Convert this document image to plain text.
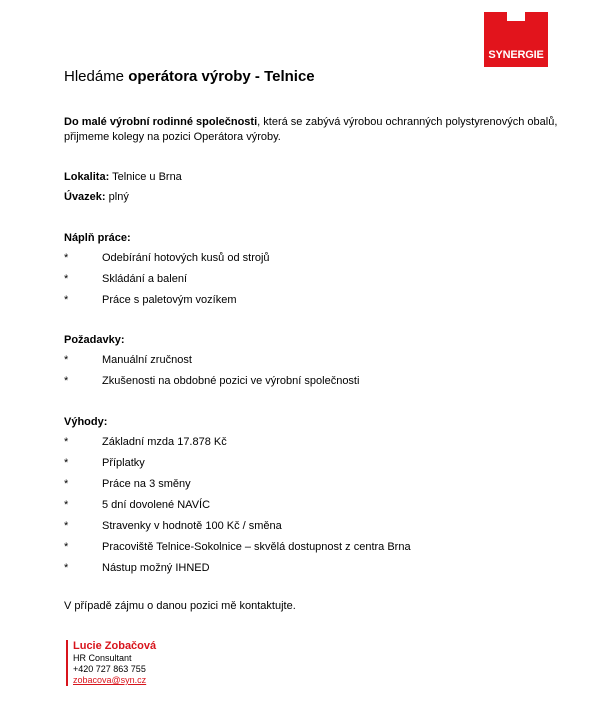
SYNERGIE
Hledáme operátora výroby - Telnice
Do malé výrobní rodinné společnosti, která se zabývá výrobou ochranných polystyrenových obalů,
přijmeme kolegy na pozici Operátora výroby.
Lokalita: Telnice u Brna
Úvazek: plný
Náplň práce:
*	Odebírání hotových kusů od strojů
*	Skládání a balení
*	Práce s paletovým vozíkem
Požadavky:
*	Manuální zručnost
*	Zkušenosti na obdobné pozici ve výrobní společnosti
Výhody:
*	Základní mzda 17.878 Kč
*	Příplatky
*	Práce na 3 směny
*	5 dní dovolené NAVÍC
*	Stravenky v hodnotě 100 Kč / směna
*	Pracoviště Telnice-Sokolnice – skvělá dostupnost z centra Brna
*	Nástup možný IHNED
V případě zájmu o danou pozici mě kontaktujte.
Lucie Zobačová
HR Consultant
+420 727 863 755
zobacova@syn.cz
